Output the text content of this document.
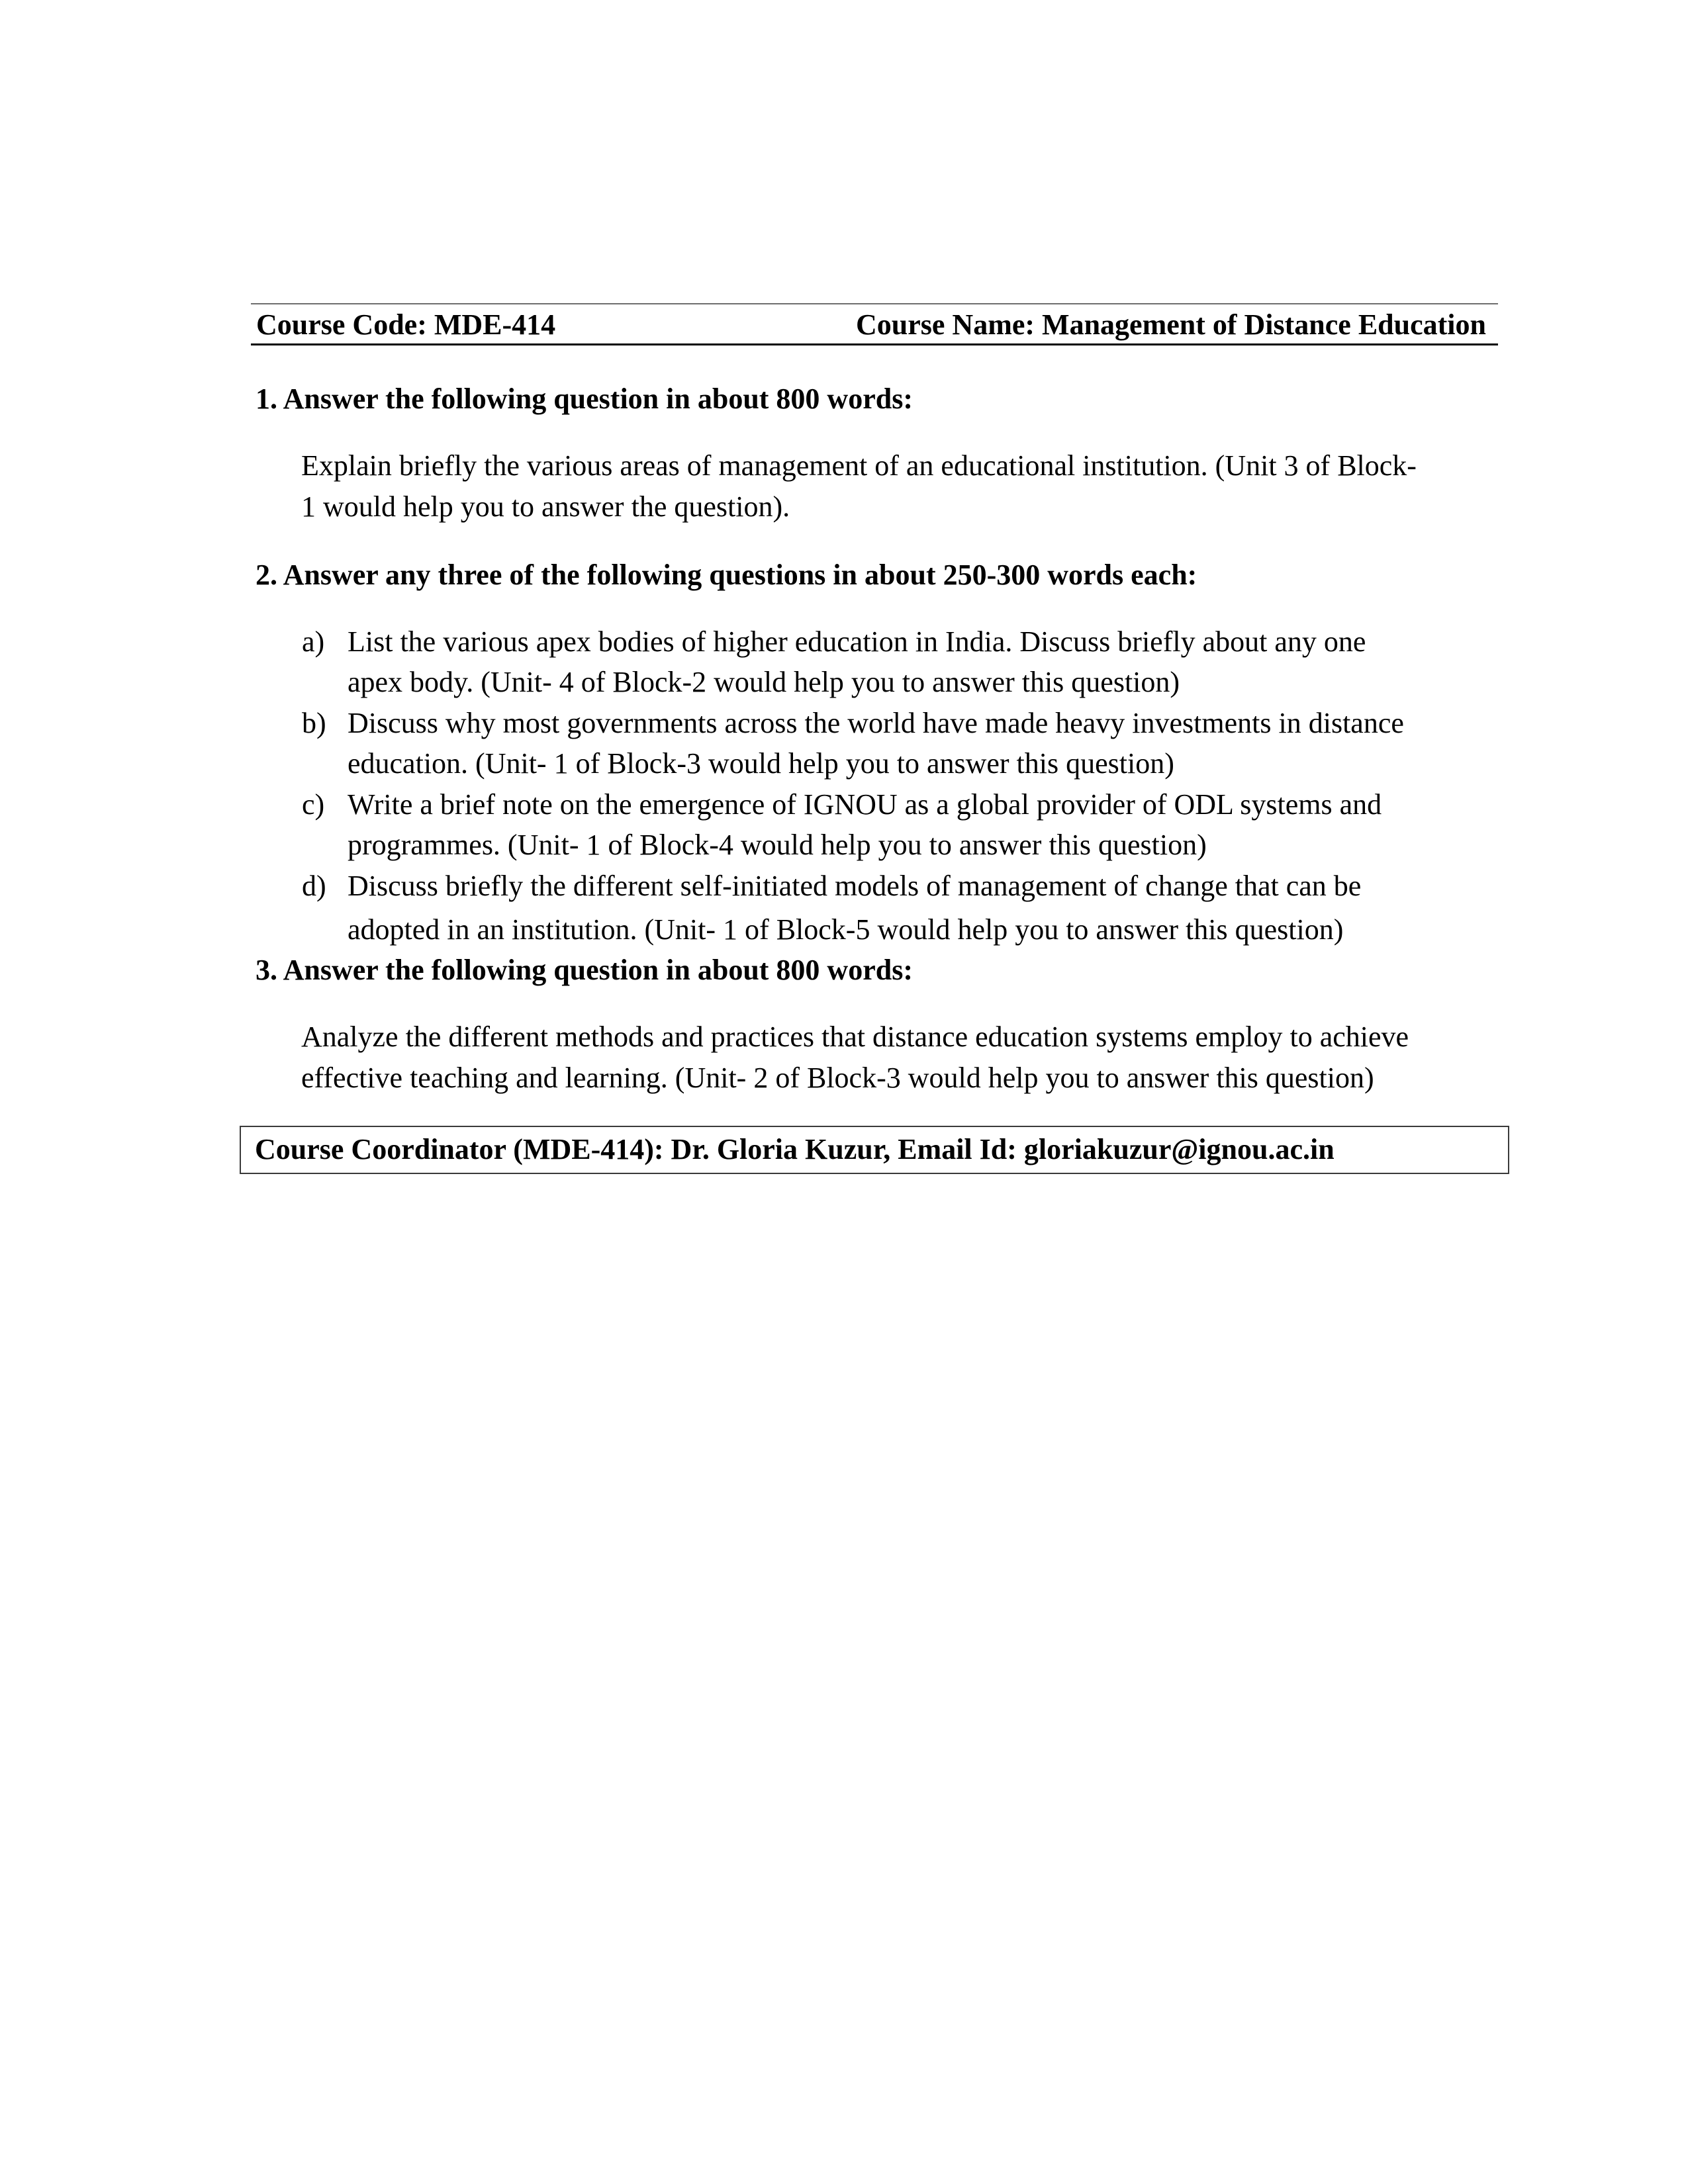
Course Code: MDE-414	Course Name: Management of Distance Education
1. Answer the following question in about 800 words:
Explain briefly the various areas of management of an educational institution. (Unit 3 of Block-
1 would help you to answer the question).
2. Answer any three of the following questions in about 250-300 words each:
a) List the various apex bodies of higher education in India. Discuss briefly about any one
apex body. (Unit- 4 of Block-2 would help you to answer this question)
b) Discuss why most governments across the world have made heavy investments in distance
education. (Unit- 1 of Block-3 would help you to answer this question)
c) Write a brief note on the emergence of IGNOU as a global provider of ODL systems and
programmes. (Unit- 1 of Block-4 would help you to answer this question)
d) Discuss briefly the different self-initiated models of management of change that can be
adopted in an institution. (Unit- 1 of Block-5 would help you to answer this question)
3. Answer the following question in about 800 words:
Analyze the different methods and practices that distance education systems employ to achieve
effective teaching and learning. (Unit- 2 of Block-3 would help you to answer this question)
Course Coordinator (MDE-414): Dr. Gloria Kuzur, Email Id: gloriakuzur@ignou.ac.in
